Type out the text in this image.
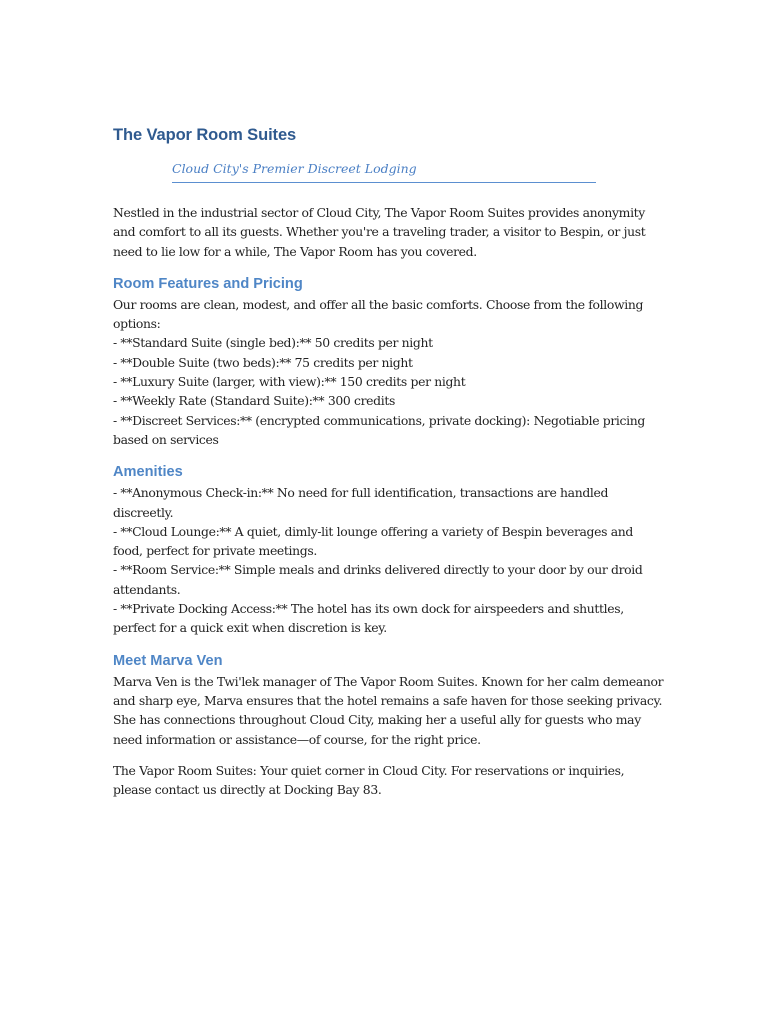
The Vapor Room Suites

Cloud City's Premier Discreet Lodging

Nestled in the industrial sector of Cloud City, The Vapor Room Suites provides anonymity
and comfort to all its guests. Whether you're a traveling trader, a visitor to Bespin, or just
need to lie low for a while, The Vapor Room has you covered.

Room Features and Pricing

Our rooms are clean, modest, and offer all the basic comforts. Choose from the following
options:
- **Standard Suite (single bed):** 50 credits per night
- **Double Suite (two beds):** 75 credits per night
- **Luxury Suite (larger, with view):** 150 credits per night
- **Weekly Rate (Standard Suite):** 300 credits
- **Discreet Services:** (encrypted communications, private docking): Negotiable pricing
based on services

Amenities

- **Anonymous Check-in:** No need for full identification, transactions are handled
discreetly.
- **Cloud Lounge:** A quiet, dimly-lit lounge offering a variety of Bespin beverages and
food, perfect for private meetings.
- **Room Service:** Simple meals and drinks delivered directly to your door by our droid
attendants.
- **Private Docking Access:** The hotel has its own dock for airspeeders and shuttles,
perfect for a quick exit when discretion is key.

Meet Marva Ven

Marva Ven is the Twi'lek manager of The Vapor Room Suites. Known for her calm demeanor
and sharp eye, Marva ensures that the hotel remains a safe haven for those seeking privacy.
She has connections throughout Cloud City, making her a useful ally for guests who may
need information or assistance—of course, for the right price.

The Vapor Room Suites: Your quiet corner in Cloud City. For reservations or inquiries,
please contact us directly at Docking Bay 83.
